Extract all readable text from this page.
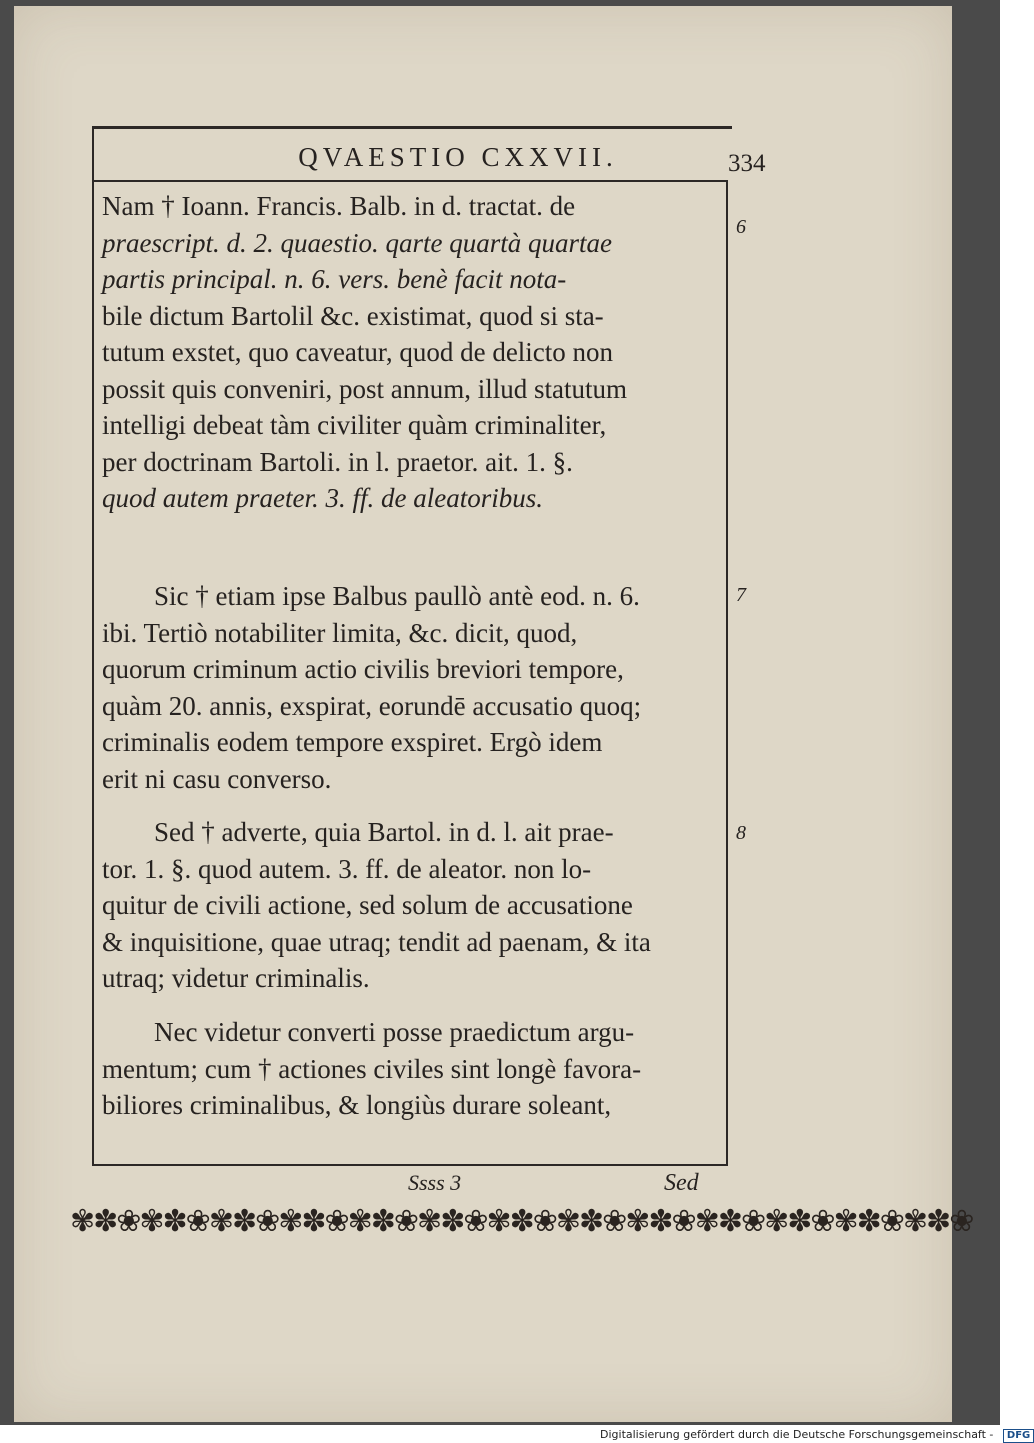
QVAESTIO CXXVII.	334
Nam † Ioann. Francis. Balb. in d. tractat. de
praescript. d. 2. quaestio. qarte quartà quartae
partis principal. n. 6. vers. benè facit nota-
bile dictum Bartolil &c. existimat, quod si sta-
tutum exstet, quo caveatur, quod de delicto non
possit quis conveniri, post annum, illud statutum
intelligi debeat tàm civiliter quàm criminaliter,
per doctrinam Bartoli. in l. praetor. ait. 1. §.
quod autem praeter. 3. ff. de aleatoribus.
Sic † etiam ipse Balbus paullò antè eod. n. 6.
ibi. Tertiò notabiliter limita, &c. dicit, quod,
quorum criminum actio civilis breviori tempore,
quàm 20. annis, exspirat, eorundē accusatio quoq;
criminalis eodem tempore exspiret. Ergò idem
erit ni casu converso.
Sed † adverte, quia Bartol. in d. l. ait prae-
tor. 1. §. quod autem. 3. ff. de aleator. non lo-
quitur de civili actione, sed solum de accusatione
& inquisitione, quae utraq; tendit ad paenam, & ita
utraq; videtur criminalis.
Nec videtur converti posse praedictum argu-
mentum; cum † actiones civiles sint longè favora-
biliores criminalibus, & longiùs durare soleant,
6
7
8
Ssss 3	Sed
✾✽❀✾✽❀✾✽❀✾✽❀✾✽❀✾✽❀✾✽❀✾✽❀✾✽❀✾✽❀✾✽❀✾✽❀✾✽❀
Digitalisierung gefördert durch die Deutsche Forschungsgemeinschaft - DFG
